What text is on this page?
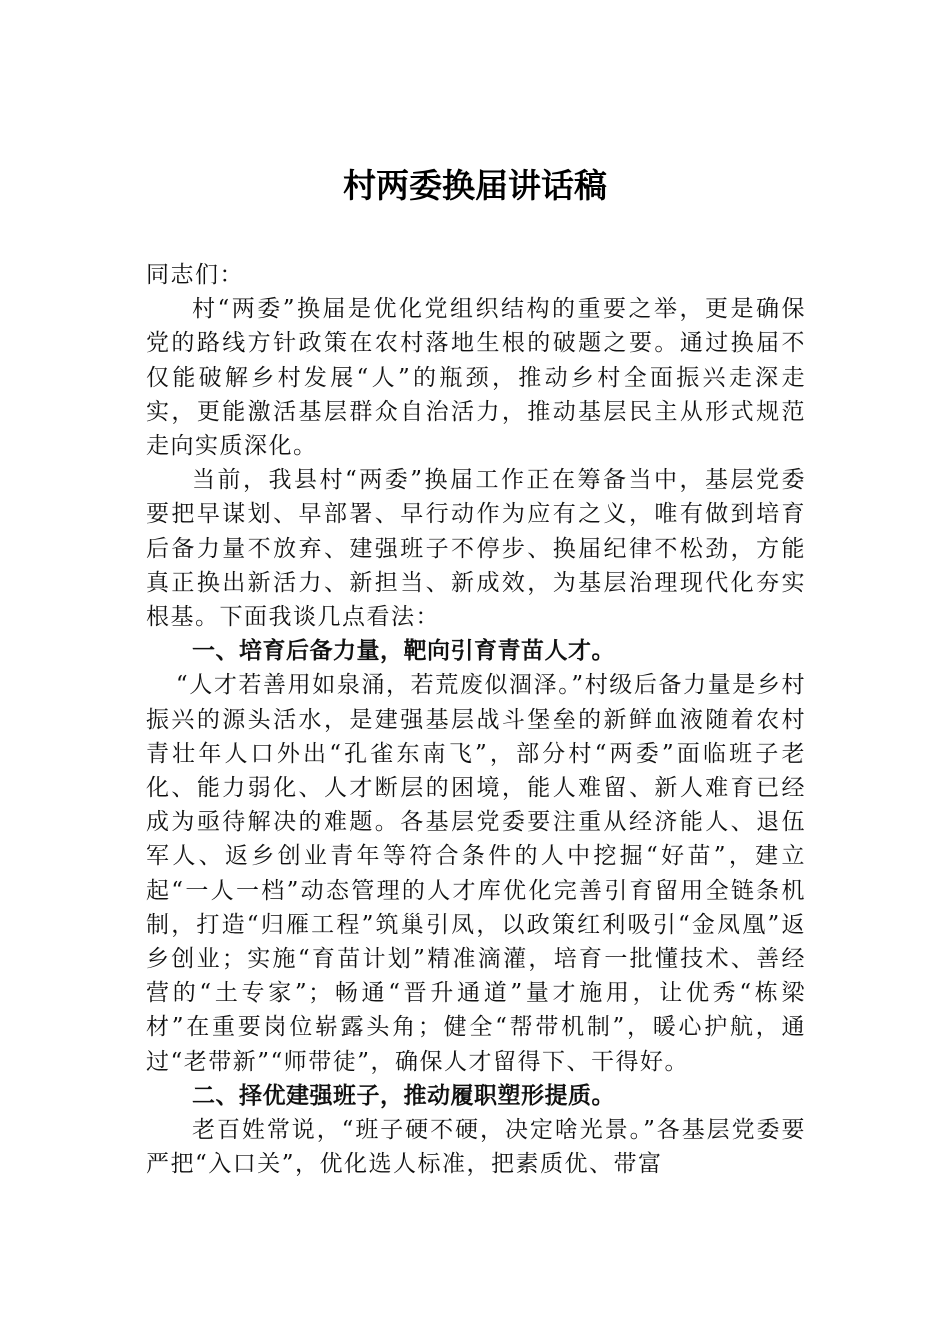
村两委换届讲话稿

同志们：

村“两委”换届是优化党组织结构的重要之举，更是确保党的路线方针政策在农村落地生根的破题之要。通过换届不仅能破解乡村发展“人”的瓶颈，推动乡村全面振兴走深走实，更能激活基层群众自治活力，推动基层民主从形式规范走向实质深化。

当前，我县村“两委”换届工作正在筹备当中，基层党委要把早谋划、早部署、早行动作为应有之义，唯有做到培育后备力量不放弃、建强班子不停步、换届纪律不松劲，方能真正换出新活力、新担当、新成效，为基层治理现代化夯实根基。下面我谈几点看法：

一、培育后备力量，靶向引育青苗人才。

“人才若善用如泉涌，若荒废似涸泽。”村级后备力量是乡村振兴的源头活水，是建强基层战斗堡垒的新鲜血液随着农村青壮年人口外出“孔雀东南飞”，部分村“两委”面临班子老化、能力弱化、人才断层的困境，能人难留、新人难育已经成为亟待解决的难题。各基层党委要注重从经济能人、退伍军人、返乡创业青年等符合条件的人中挖掘“好苗”，建立起“一人一档”动态管理的人才库优化完善引育留用全链条机制，打造“归雁工程”筑巢引凤，以政策红利吸引“金凤凰”返乡创业；实施“育苗计划”精准滴灌，培育一批懂技术、善经营的“土专家”；畅通“晋升通道”量才施用，让优秀“栋梁材”在重要岗位崭露头角；健全“帮带机制”，暖心护航，通过“老带新”“师带徒”，确保人才留得下、干得好。

二、择优建强班子，推动履职塑形提质。

老百姓常说，“班子硬不硬，决定啥光景。”各基层党委要严把“入口关”，优化选人标准，把素质优、带富
